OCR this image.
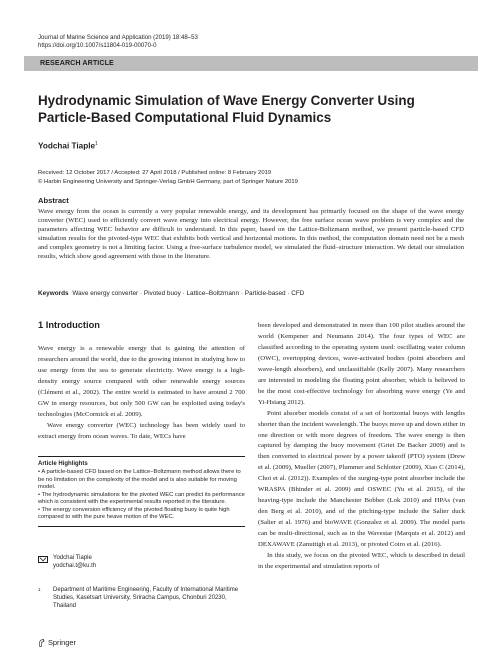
Journal of Marine Science and Application (2019) 18:48–53
https://doi.org/10.1007/s11804-019-00070-0
RESEARCH ARTICLE
Hydrodynamic Simulation of Wave Energy Converter Using
Particle-Based Computational Fluid Dynamics
Yodchai Tiaple$^1$
Received: 12 October 2017 / Accepted: 27 April 2018 / Published online: 8 February 2019
© Harbin Engineering University and Springer-Verlag GmbH Germany, part of Springer Nature 2019
Abstract
Wave energy from the ocean is currently a very popular renewable energy, and its development has primarily focused on the shape of the wave energy converter (WEC) used to efficiently convert wave energy into electrical energy. However, the free surface ocean wave problem is very complex and the parameters affecting WEC behavior are difficult to understand. In this paper, based on the Lattice-Boltzmann method, we present particle-based CFD simulation results for the pivoted-type WEC that exhibits both vertical and horizontal motions. In this method, the computation domain need not be a mesh and complex geometry is not a limiting factor. Using a free-surface turbulence model, we simulated the fluid–structure interaction. We detail our simulation results, which show good agreement with those in the literature.
Keywords Wave energy converter · Pivoted buoy · Lattice–Boltzmann · Particle-based · CFD
1 Introduction

Wave energy is a renewable energy that is gaining the attention of researchers around the world, due to the growing interest in studying how to use energy from the sea to generate electricity. Wave energy is a high-density energy source compared with other renewable energy sources (Clément et al., 2002). The entire world is estimated to have around 2 700 GW in energy resources, but only 500 GW can be exploited using today's technologies (McCormick et al. 2009).

Wave energy converter (WEC) technology has been widely used to extract energy from ocean waves. To date, WECs have

Article Highlights
• A particle-based CFD based on the Lattice–Boltzmann method allows there to be no limitation on the complexity of the model and is also suitable for moving model.
• The hydrodynamic simulations for the pivoted WEC can predict its performance which is consistent with the experimental results reported in the literature.
• The energy conversion efficiency of the pivoted floating buoy is quite high compared to with the pure heave motion of the WEC.
Yodchai Tiaple
yodchai.t@ku.th
1 Department of Maritime Engineering, Faculty of International Maritime Studies, Kasetsart University, Sriracha Campus, Chonburi 20230, Thailand
Springer

been developed and demonstrated in more than 100 pilot studies around the world (Kempener and Neumann 2014). The four types of WEC are classified according to the operating system used: oscillating water column (OWC), overtopping devices, wave-activated bodies (point absorbers and wave-length absorbers), and unclassifiable (Kelly 2007). Many researchers are interested in modeling the floating point absorber, which is believed to be the most cost-effective technology for absorbing wave energy (Ye and Yi-Hsiang 2012).

Point absorber models consist of a set of horizontal buoys with lengths shorter than the incident wavelength. The buoys move up and down either in one direction or with more degrees of freedom. The wave energy is then captured by damping the buoy movement (Griet De Backer 2009) and is then converted to electrical power by a power takeoff (PTO) system (Drew et al. (2009), Mueller (2007), Plummer and Schlotter (2009), Xiao C (2014), Choi et al. (2012)). Examples of the surging-type point absorber include the WRASPA (Bhinder et al. 2009) and OSWEC (Yu et al. 2015), of the heaving-type include the Manchester Bobber (Lok 2010) and HPAs (van den Berg et al. 2010), and of the pitching-type include the Salter duck (Salter et al. 1976) and bioWAVE (Gonzalez et al. 2009). The model parts can be multi-directional, such as in the Wavestar (Marquis et al. 2012) and DEXAWAVE (Zanuttigh et al. 2013), or pivoted Coiro et al. (2016).

In this study, we focus on the pivoted WEC, which is described in detail in the experimental and simulation reports of
